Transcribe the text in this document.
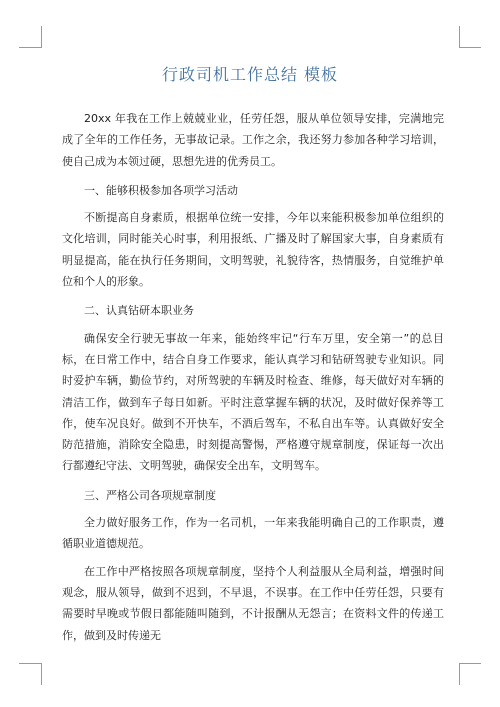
行政司机工作总结 模板

20xx 年我在工作上兢兢业业，任劳任怨，服从单位领导安排，完满地完成了全年的工作任务，无事故记录。工作之余，我还努力参加各种学习培训，使自己成为本领过硬，思想先进的优秀员工。

一、能够积极参加各项学习活动

不断提高自身素质，根据单位统一安排，今年以来能积极参加单位组织的文化培训，同时能关心时事，利用报纸、广播及时了解国家大事，自身素质有明显提高，能在执行任务期间，文明驾驶，礼貌待客，热情服务，自觉维护单位和个人的形象。

二、认真钻研本职业务

确保安全行驶无事故一年来，能始终牢记“行车万里，安全第一”的总目标，在日常工作中，结合自身工作要求，能认真学习和钻研驾驶专业知识。同时爱护车辆，勤俭节约，对所驾驶的车辆及时检查、维修，每天做好对车辆的清洁工作，做到车子每日如新。平时注意掌握车辆的状况，及时做好保养等工作，使车况良好。做到不开快车，不酒后驾车，不私自出车等。认真做好安全防范措施，消除安全隐患，时刻提高警惕，严格遵守规章制度，保证每一次出行都遵纪守法、文明驾驶，确保安全出车，文明驾车。

三、严格公司各项规章制度

全力做好服务工作，作为一名司机，一年来我能明确自己的工作职责，遵循职业道德规范。

在工作中严格按照各项规章制度，坚持个人利益服从全局利益，增强时间观念，服从领导，做到不迟到，不早退，不误事。在工作中任劳任怨，只要有需要时早晚或节假日都能随叫随到，不计报酬从无怨言；在资料文件的传递工作，做到及时传递无
